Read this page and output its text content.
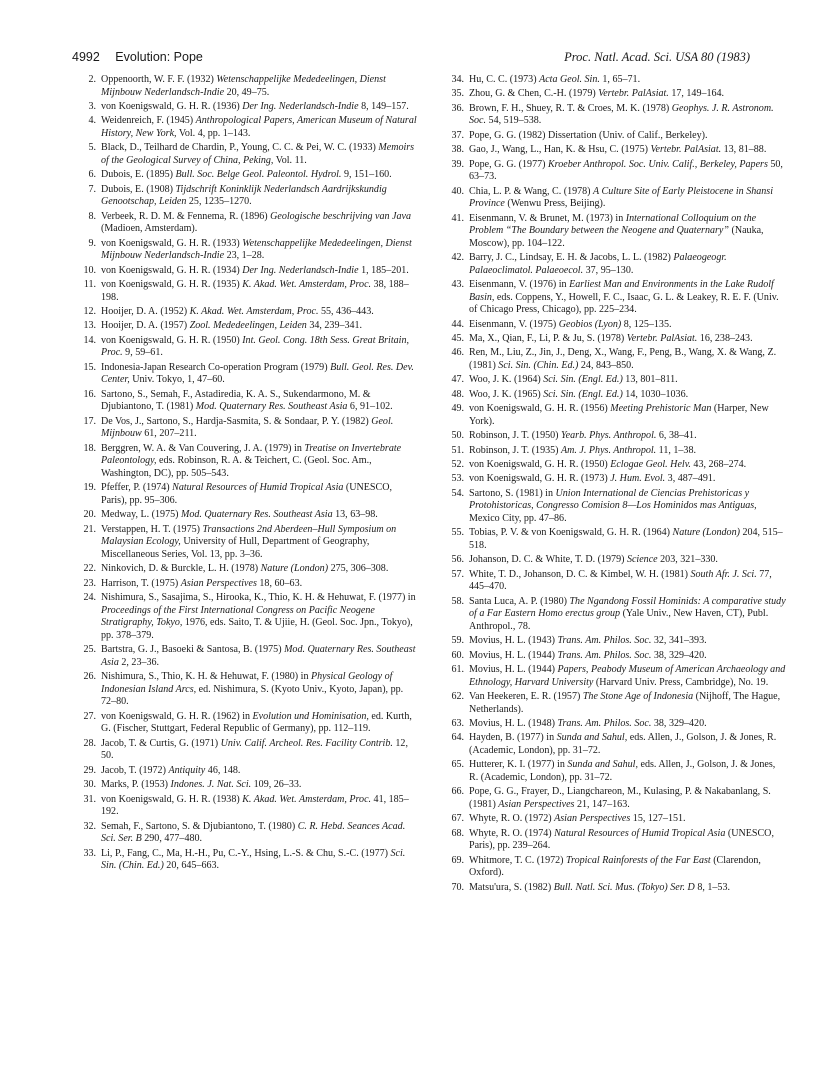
4992 Evolution: Pope	Proc. Natl. Acad. Sci. USA 80 (1983)
2. Oppenoorth, W. F. F. (1932) Wetenschappelijke Mededeelingen, Dienst Mijnbouw Nederlandsch-Indie 20, 49–75.
3. von Koenigswald, G. H. R. (1936) Der Ing. Nederlandsch-Indie 8, 149–157.
4. Weidenreich, F. (1945) Anthropological Papers, American Museum of Natural History, New York, Vol. 4, pp. 1–143.
5. Black, D., Teilhard de Chardin, P., Young, C. C. & Pei, W. C. (1933) Memoirs of the Geological Survey of China, Peking, Vol. 11.
6. Dubois, E. (1895) Bull. Soc. Belge Geol. Paleontol. Hydrol. 9, 151–160.
7. Dubois, E. (1908) Tijdschrift Koninklijk Nederlandsch Aardrijkskundig Genootschap, Leiden 25, 1235–1270.
8. Verbeek, R. D. M. & Fennema, R. (1896) Geologische beschrijving van Java (Madioen, Amsterdam).
9. von Koenigswald, G. H. R. (1933) Wetenschappelijke Mededeelingen, Dienst Mijnbouw Nederlandsch-Indie 23, 1–28.
10. von Koenigswald, G. H. R. (1934) Der Ing. Nederlandsch-Indie 1, 185–201.
11. von Koenigswald, G. H. R. (1935) K. Akad. Wet. Amsterdam, Proc. 38, 188–198.
12. Hooijer, D. A. (1952) K. Akad. Wet. Amsterdam, Proc. 55, 436–443.
13. Hooijer, D. A. (1957) Zool. Mededeelingen, Leiden 34, 239–341.
14. von Koenigswald, G. H. R. (1950) Int. Geol. Cong. 18th Sess. Great Britain, Proc. 9, 59–61.
15. Indonesia-Japan Research Co-operation Program (1979) Bull. Geol. Res. Dev. Center, Univ. Tokyo, 1, 47–60.
16. Sartono, S., Semah, F., Astadiredia, K. A. S., Sukendarmono, M. & Djubiantono, T. (1981) Mod. Quaternary Res. Southeast Asia 6, 91–102.
17. De Vos, J., Sartono, S., Hardja-Sasmita, S. & Sondaar, P. Y. (1982) Geol. Mijnbouw 61, 207–211.
18. Berggren, W. A. & Van Couvering, J. A. (1979) in Treatise on Invertebrate Paleontology, eds. Robinson, R. A. & Teichert, C. (Geol. Soc. Am., Washington, DC), pp. 505–543.
19. Pfeffer, P. (1974) Natural Resources of Humid Tropical Asia (UNESCO, Paris), pp. 95–306.
20. Medway, L. (1975) Mod. Quaternary Res. Southeast Asia 13, 63–98.
21. Verstappen, H. T. (1975) Transactions 2nd Aberdeen–Hull Symposium on Malaysian Ecology, University of Hull, Department of Geography, Miscellaneous Series, Vol. 13, pp. 3–36.
22. Ninkovich, D. & Burckle, L. H. (1978) Nature (London) 275, 306–308.
23. Harrison, T. (1975) Asian Perspectives 18, 60–63.
24. Nishimura, S., Sasajima, S., Hirooka, K., Thio, K. H. & Hehuwat, F. (1977) in Proceedings of the First International Congress on Pacific Neogene Stratigraphy, Tokyo, 1976, eds. Saito, T. & Ujiie, H. (Geol. Soc. Jpn., Tokyo), pp. 378–379.
25. Bartstra, G. J., Basoeki & Santosa, B. (1975) Mod. Quaternary Res. Southeast Asia 2, 23–36.
26. Nishimura, S., Thio, K. H. & Hehuwat, F. (1980) in Physical Geology of Indonesian Island Arcs, ed. Nishimura, S. (Kyoto Univ., Kyoto, Japan), pp. 72–80.
27. von Koenigswald, G. H. R. (1962) in Evolution und Hominisation, ed. Kurth, G. (Fischer, Stuttgart, Federal Republic of Germany), pp. 112–119.
28. Jacob, T. & Curtis, G. (1971) Univ. Calif. Archeol. Res. Facility Contrib. 12, 50.
29. Jacob, T. (1972) Antiquity 46, 148.
30. Marks, P. (1953) Indones. J. Nat. Sci. 109, 26–33.
31. von Koenigswald, G. H. R. (1938) K. Akad. Wet. Amsterdam, Proc. 41, 185–192.
32. Semah, F., Sartono, S. & Djubiantono, T. (1980) C. R. Hebd. Seances Acad. Sci. Ser. B 290, 477–480.
33. Li, P., Fang, C., Ma, H.-H., Pu, C.-Y., Hsing, L.-S. & Chu, S.-C. (1977) Sci. Sin. (Chin. Ed.) 20, 645–663.
34. Hu, C. C. (1973) Acta Geol. Sin. 1, 65–71.
35. Zhou, G. & Chen, C.-H. (1979) Vertebr. PalAsiat. 17, 149–164.
36. Brown, F. H., Shuey, R. T. & Croes, M. K. (1978) Geophys. J. R. Astronom. Soc. 54, 519–538.
37. Pope, G. G. (1982) Dissertation (Univ. of Calif., Berkeley).
38. Gao, J., Wang, L., Han, K. & Hsu, C. (1975) Vertebr. PalAsiat. 13, 81–88.
39. Pope, G. G. (1977) Kroeber Anthropol. Soc. Univ. Calif., Berkeley, Papers 50, 63–73.
40. Chia, L. P. & Wang, C. (1978) A Culture Site of Early Pleistocene in Shansi Province (Wenwu Press, Beijing).
41. Eisenmann, V. & Brunet, M. (1973) in International Colloquium on the Problem “The Boundary between the Neogene and Quaternary” (Nauka, Moscow), pp. 104–122.
42. Barry, J. C., Lindsay, E. H. & Jacobs, L. L. (1982) Palaeogeogr. Palaeoclimatol. Palaeoecol. 37, 95–130.
43. Eisenmann, V. (1976) in Earliest Man and Environments in the Lake Rudolf Basin, eds. Coppens, Y., Howell, F. C., Isaac, G. L. & Leakey, R. E. F. (Univ. of Chicago Press, Chicago), pp. 225–234.
44. Eisenmann, V. (1975) Geobios (Lyon) 8, 125–135.
45. Ma, X., Qian, F., Li, P. & Ju, S. (1978) Vertebr. PalAsiat. 16, 238–243.
46. Ren, M., Liu, Z., Jin, J., Deng, X., Wang, F., Peng, B., Wang, X. & Wang, Z. (1981) Sci. Sin. (Chin. Ed.) 24, 843–850.
47. Woo, J. K. (1964) Sci. Sin. (Engl. Ed.) 13, 801–811.
48. Woo, J. K. (1965) Sci. Sin. (Engl. Ed.) 14, 1030–1036.
49. von Koenigswald, G. H. R. (1956) Meeting Prehistoric Man (Harper, New York).
50. Robinson, J. T. (1950) Yearb. Phys. Anthropol. 6, 38–41.
51. Robinson, J. T. (1935) Am. J. Phys. Anthropol. 11, 1–38.
52. von Koenigswald, G. H. R. (1950) Eclogae Geol. Helv. 43, 268–274.
53. von Koenigswald, G. H. R. (1973) J. Hum. Evol. 3, 487–491.
54. Sartono, S. (1981) in Union International de Ciencias Prehistoricas y Protohistoricas, Congresso Comision 8—Los Hominidos mas Antiguas, Mexico City, pp. 47–86.
55. Tobias, P. V. & von Koenigswald, G. H. R. (1964) Nature (London) 204, 515–518.
56. Johanson, D. C. & White, T. D. (1979) Science 203, 321–330.
57. White, T. D., Johanson, D. C. & Kimbel, W. H. (1981) South Afr. J. Sci. 77, 445–470.
58. Santa Luca, A. P. (1980) The Ngandong Fossil Hominids: A comparative study of a Far Eastern Homo erectus group (Yale Univ., New Haven, CT), Publ. Anthropol., 78.
59. Movius, H. L. (1943) Trans. Am. Philos. Soc. 32, 341–393.
60. Movius, H. L. (1944) Trans. Am. Philos. Soc. 38, 329–420.
61. Movius, H. L. (1944) Papers, Peabody Museum of American Archaeology and Ethnology, Harvard University (Harvard Univ. Press, Cambridge), No. 19.
62. Van Heekeren, E. R. (1957) The Stone Age of Indonesia (Nijhoff, The Hague, Netherlands).
63. Movius, H. L. (1948) Trans. Am. Philos. Soc. 38, 329–420.
64. Hayden, B. (1977) in Sunda and Sahul, eds. Allen, J., Golson, J. & Jones, R. (Academic, London), pp. 31–72.
65. Hutterer, K. I. (1977) in Sunda and Sahul, eds. Allen, J., Golson, J. & Jones, R. (Academic, London), pp. 31–72.
66. Pope, G. G., Frayer, D., Liangchareon, M., Kulasing, P. & Nakabanlang, S. (1981) Asian Perspectives 21, 147–163.
67. Whyte, R. O. (1972) Asian Perspectives 15, 127–151.
68. Whyte, R. O. (1974) Natural Resources of Humid Tropical Asia (UNESCO, Paris), pp. 239–264.
69. Whitmore, T. C. (1972) Tropical Rainforests of the Far East (Clarendon, Oxford).
70. Matsu'ura, S. (1982) Bull. Natl. Sci. Mus. (Tokyo) Ser. D 8, 1–53.
